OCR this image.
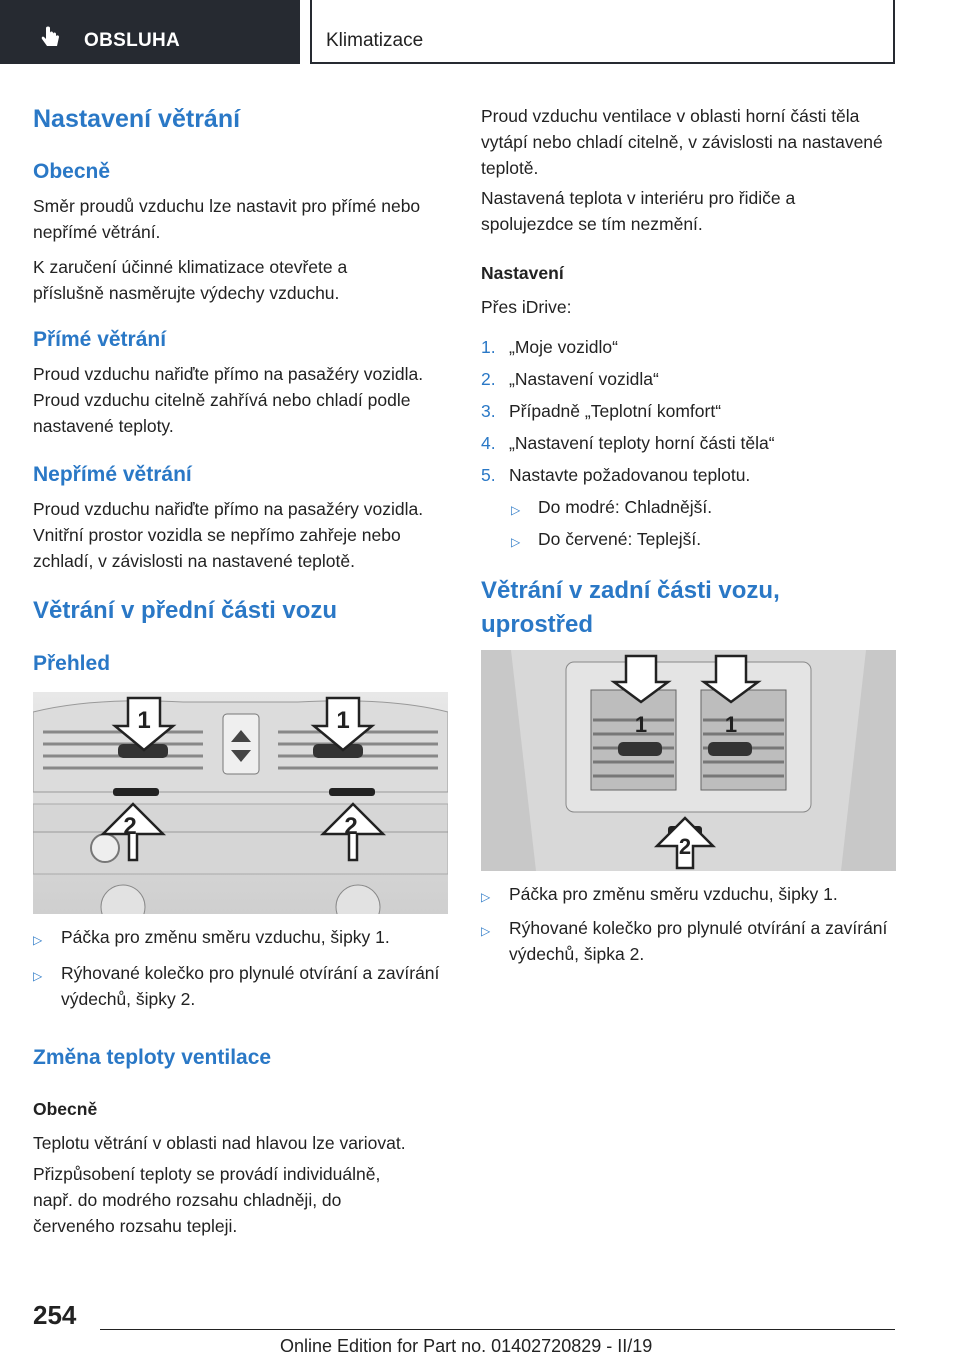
OBSLUHA	Klimatizace
Nastavení větrání
Obecně

Směr proudů vzduchu lze nastavit pro přímé nebo nepřímé větrání.

K zaručení účinné klimatizace otevřete a příslušně nasměrujte výdechy vzduchu.

Přímé větrání

Proud vzduchu nařiďte přímo na pasažéry vozidla. Proud vzduchu citelně zahřívá nebo chladí podle nastavené teploty.

Nepřímé větrání

Proud vzduchu nařiďte přímo na pasažéry vozidla. Vnitřní prostor vozidla se nepřímo zahřeje nebo zchladí, v závislosti na nastavené teplotě.

Větrání v přední části vozu
Přehled
1	1
2	2
▷ Páčka pro změnu směru vzduchu, šipky 1.
▷ Rýhované kolečko pro plynulé otvírání a zavírání výdechů, šipky 2.
Změna teploty ventilace

Obecně

Teplotu větrání v oblasti nad hlavou lze variovat.

Přizpůsobení teploty se provádí individuálně, např. do modrého rozsahu chladněji, do červeného rozsahu tepleji.

Proud vzduchu ventilace v oblasti horní části těla vytápí nebo chladí citelně, v závislosti na nastavené teplotě.

Nastavená teplota v interiéru pro řidiče a spolujezdce se tím nezmění.

Nastavení

Přes iDrive:

1. „Moje vozidlo“
2. „Nastavení vozidla“
3. Případně „Teplotní komfort“
4. „Nastavení teploty horní části těla“
5. Nastavte požadovanou teplotu.
▷ Do modré: Chladnější.
▷ Do červené: Teplejší.
Větrání v zadní části vozu, uprostřed
1	1
2
▷ Páčka pro změnu směru vzduchu, šipky 1.
▷ Rýhované kolečko pro plynulé otvírání a zavírání výdechů, šipka 2.
254
Online Edition for Part no. 01402720829 - II/19
